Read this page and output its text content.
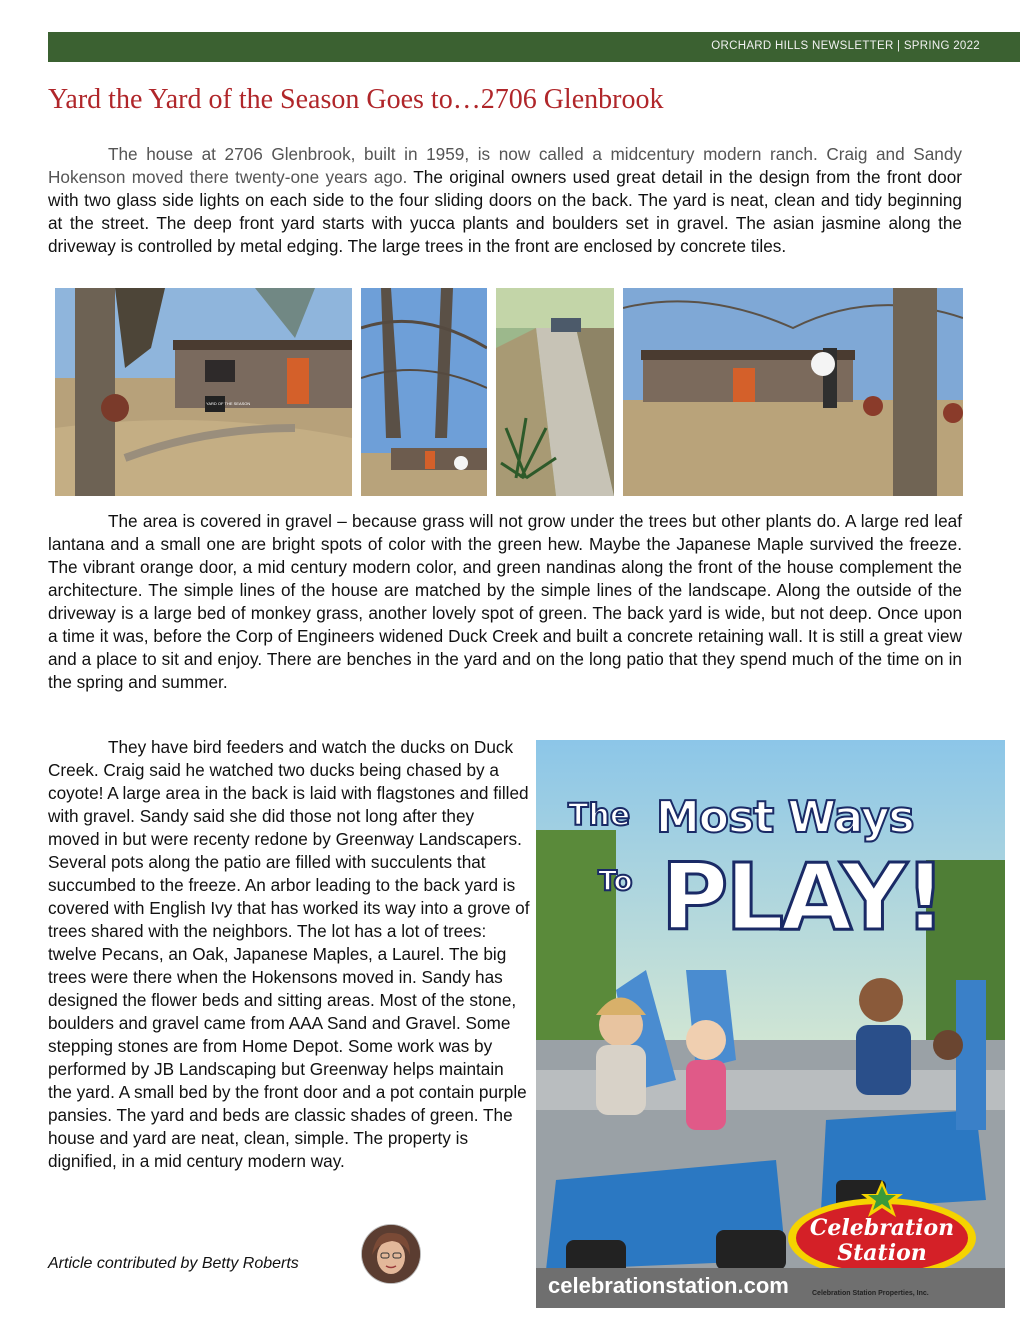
ORCHARD HILLS NEWSLETTER | SPRING 2022
Yard the Yard of the Season Goes to…2706 Glenbrook

The house at 2706 Glenbrook, built in 1959, is now called a midcentury modern ranch. Craig and Sandy Hokenson moved there twenty-one years ago. The original owners used great detail in the design from the front door with two glass side lights on each side to the four sliding doors on the back. The yard is neat, clean and tidy beginning at the street. The deep front yard starts with yucca plants and boulders set in gravel. The asian jasmine along the driveway is controlled by metal edging. The large trees in the front are enclosed by concrete tiles.

YARD OF THE SEASON

The area is covered in gravel – because grass will not grow under the trees but other plants do. A large red leaf lantana and a small one are bright spots of color with the green hew. Maybe the Japanese Maple survived the freeze. The vibrant orange door, a mid century modern color, and green nandinas along the front of the house complement the architecture. The simple lines of the house are matched by the simple lines of the landscape. Along the outside of the driveway is a large bed of monkey grass, another lovely spot of green. The back yard is wide, but not deep. Once upon a time it was, before the Corp of Engineers widened Duck Creek and built a concrete retaining wall. It is still a great view and a place to sit and enjoy. There are benches in the yard and on the long patio that they spend much of the time on in the spring and summer.

They have bird feeders and watch the ducks on Duck Creek. Craig said he watched two ducks being chased by a coyote! A large area in the back is laid with flagstones and filled with gravel. Sandy said she did those not long after they moved in but were recenty redone by Greenway Landscapers. Several pots along the patio are filled with succulents that succumbed to the freeze. An arbor leading to the back yard is covered with English Ivy that has worked its way into a grove of trees shared with the neighbors. The lot has a lot of trees: twelve Pecans, an Oak, Japanese Maples, a Laurel. The big trees were there when the Hokensons moved in. Sandy has designed the flower beds and sitting areas. Most of the stone, boulders and gravel came from AAA Sand and Gravel. Some stepping stones are from Home Depot. Some work was by performed by JB Landscaping but Greenway helps maintain the yard. A small bed by the front door and a pot contain purple pansies. The yard and beds are classic shades of green. The house and yard are neat, clean, simple. The property is dignified, in a mid century modern way.

Article contributed by Betty Roberts
The Most Ways
To PLAY!
Celebration
Station
celebrationstation.com	Celebration Station Properties, Inc.
